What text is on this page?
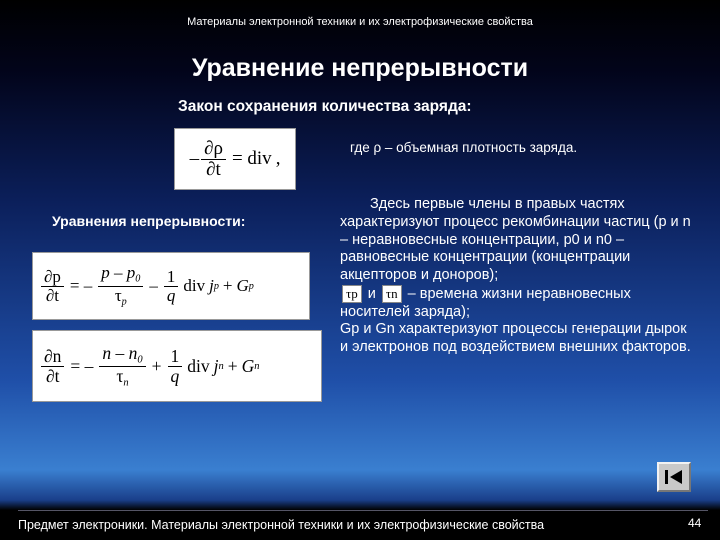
Материалы электронной техники и их электрофизические свойства
Уравнение непрерывности
Закон сохранения количества заряда:
– $\frac{\partial\rho}{\partial t}$ = div ,
где ρ – объемная плотность заряда.
Уравнения непрерывности:
$\frac{\partial p}{\partial t}$ = – $\frac{p - p_0}{\tau_p} - \frac{1}{q}$ div j p + G p
$\frac{\partial n}{\partial t}$ = – $\frac{n - n_0}{\tau_n} + \frac{1}{q}$ div j n + G n

Здесь первые члены в правых частях характеризуют процесс рекомбинации частиц (p и n – неравновесные концентрации, p0 и n0 – равновесные концентрации (концентрации акцепторов и доноров);

τp и τn – времена жизни неравновесных носителей заряда);

Gp и Gn характеризуют процессы генерации дырок и электронов под воздействием внешних факторов.

Предмет электроники. Материалы электронной техники и их электрофизические свойства	44
